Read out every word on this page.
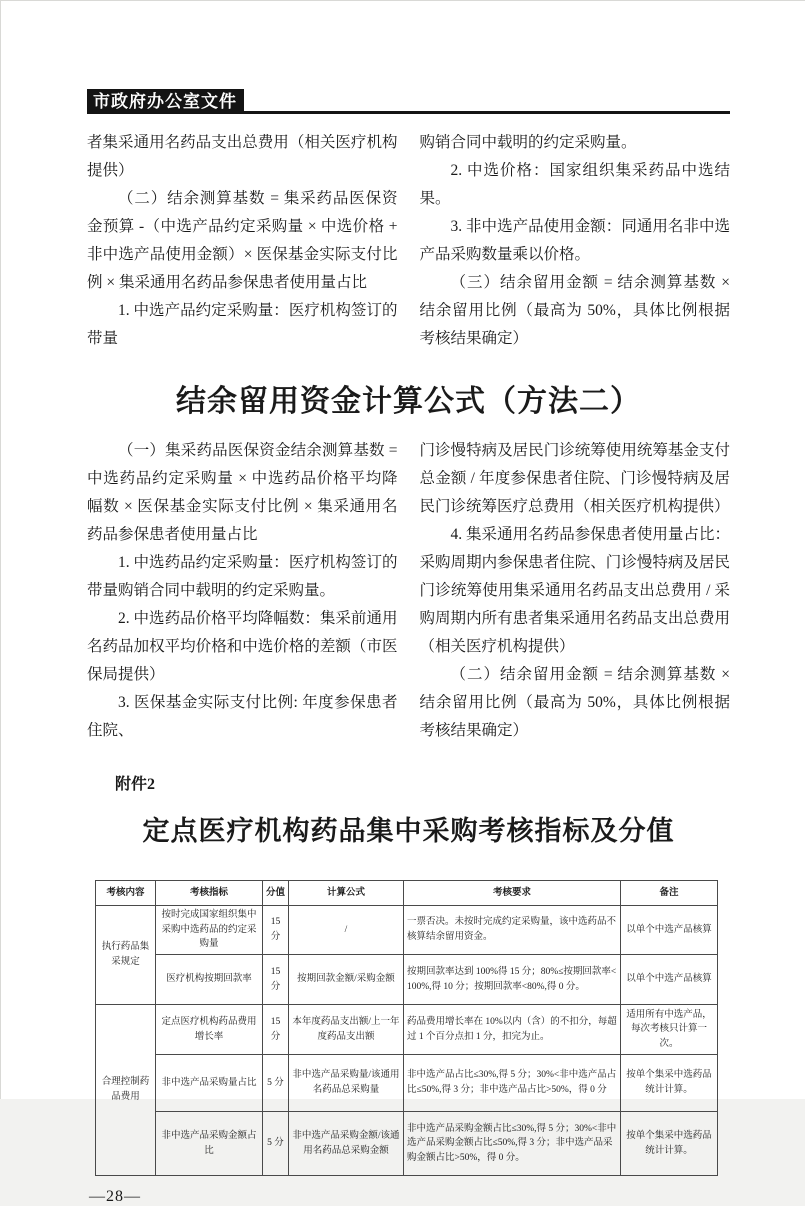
市政府办公室文件

者集采通用名药品支出总费用（相关医疗机构提供）

（二）结余测算基数 = 集采药品医保资金预算 -（中选产品约定采购量 × 中选价格 + 非中选产品使用金额）× 医保基金实际支付比例 × 集采通用名药品参保患者使用量占比

1. 中选产品约定采购量：医疗机构签订的带量

购销合同中载明的约定采购量。

2. 中选价格：国家组织集采药品中选结果。

3. 非中选产品使用金额：同通用名非中选产品采购数量乘以价格。

（三）结余留用金额 = 结余测算基数 × 结余留用比例（最高为 50%，具体比例根据考核结果确定）

结余留用资金计算公式（方法二）

（一）集采药品医保资金结余测算基数 = 中选药品约定采购量 × 中选药品价格平均降幅数 × 医保基金实际支付比例 × 集采通用名药品参保患者使用量占比

1. 中选药品约定采购量：医疗机构签订的带量购销合同中载明的约定采购量。

2. 中选药品价格平均降幅数：集采前通用名药品加权平均价格和中选价格的差额（市医保局提供）

3. 医保基金实际支付比例: 年度参保患者住院、

门诊慢特病及居民门诊统筹使用统筹基金支付总金额 / 年度参保患者住院、门诊慢特病及居民门诊统筹医疗总费用（相关医疗机构提供）

4. 集采通用名药品参保患者使用量占比：采购周期内参保患者住院、门诊慢特病及居民门诊统筹使用集采通用名药品支出总费用 / 采购周期内所有患者集采通用名药品支出总费用（相关医疗机构提供）

（二）结余留用金额 = 结余测算基数 × 结余留用比例（最高为 50%，具体比例根据考核结果确定）

附件2
定点医疗机构药品集中采购考核指标及分值
考核内容	考核指标	分值	计算公式	考核要求	备注
执行药品集采规定	按时完成国家组织集中采购中选药品的约定采购量	15 分	/	一票否决。未按时完成约定采购量，该中选药品不核算结余留用资金。	以单个中选产品核算
	医疗机构按期回款率	15 分	按期回款金额/采购金额	按期回款率达到 100%得 15 分；80%≤按期回款率<100%,得 10 分；按期回款率<80%,得 0 分。	以单个中选产品核算
合理控制药品费用	定点医疗机构药品费用增长率	15 分	本年度药品支出额/上一年度药品支出额	药品费用增长率在 10%以内（含）的不扣分，每超过 1 个百分点扣 1 分，扣完为止。	适用所有中选产品，每次考核只计算一次。
	非中选产品采购量占比	5 分	非中选产品采购量/该通用名药品总采购量	非中选产品占比≤30%,得 5 分；30%<非中选产品占比≤50%,得 3 分；非中选产品占比>50%，得 0 分	按单个集采中选药品统计计算。
	非中选产品采购金额占比	5 分	非中选产品采购金额/该通用名药品总采购金额	非中选产品采购金额占比≤30%,得 5 分；30%<非中选产品采购金额占比≤50%,得 3 分；非中选产品采购金额占比>50%，得 0 分。	按单个集采中选药品统计计算。
—28—
